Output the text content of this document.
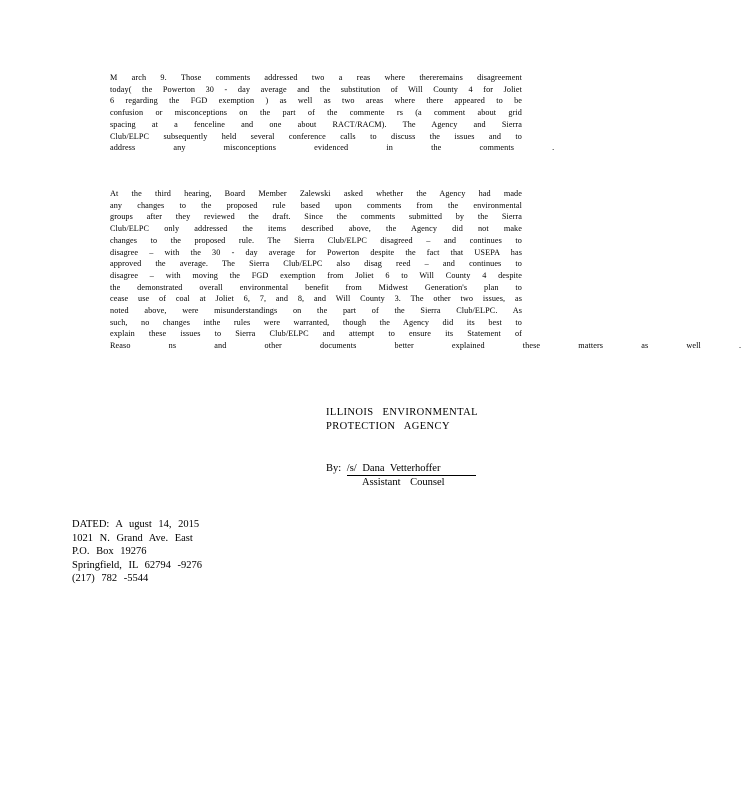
M arch 9. Those comments addressed two a reas where thereremains disagreement
today( the Powerton 30 - day average and the substitution of Will County 4 for Joliet
6 regarding the FGD exemption ) as well as two areas where there appeared to be
confusion or misconceptions on the part of the commente rs (a comment about grid
spacing at a fenceline and one about RACT/RACM). The Agency and Sierra
Club/ELPC subsequently held several conference calls to discuss the issues and to
address any misconceptions evidenced in the comments .
At the third hearing, Board Member Zalewski asked whether the Agency had made
any changes to the proposed rule based upon comments from the environmental
groups after they reviewed the draft. Since the comments submitted by the Sierra
Club/ELPC only addressed the items described above, the Agency did not make
changes to the proposed rule. The Sierra Club/ELPC disagreed – and continues to
disagree – with the 30 - day average for Powerton despite the fact that USEPA has
approved the average. The Sierra Club/ELPC also disag reed – and continues to
disagree – with moving the FGD exemption from Joliet 6 to Will County 4 despite
the demonstrated overall environmental benefit from Midwest Generation's plan to
cease use of coal at Joliet 6, 7, and 8, and Will County 3. The other two issues, as
noted above, were misunderstandings on the part of the Sierra Club/ELPC. As
such, no changes inthe rules were warranted, though the Agency did its best to
explain these issues to Sierra Club/ELPC and attempt to ensure its Statement of
Reaso ns and other documents better explained these matters as well .
ILLINOIS ENVIRONMENTAL
PROTECTION AGENCY
By: /s/ Dana Vetterhoffer
Assistant Counsel
DATED: A ugust 14, 2015
1021 N. Grand Ave. East
P.O. Box 19276
Springfield, IL 62794 -9276
(217) 782 -5544
